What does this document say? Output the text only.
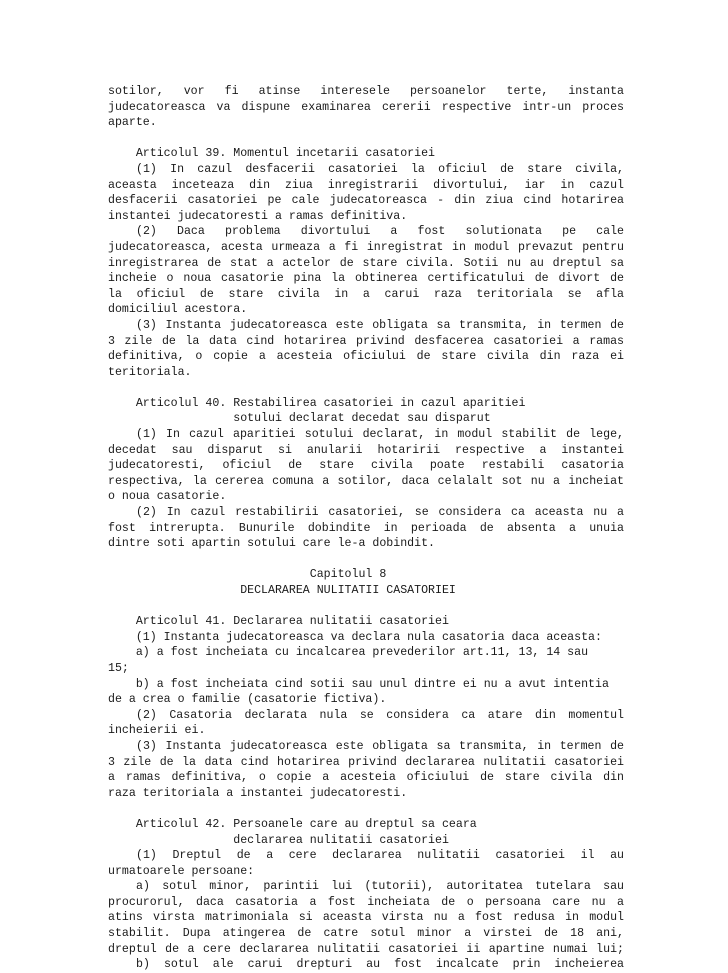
sotilor, vor fi atinse interesele persoanelor terte, instanta
judecatoreasca va dispune examinarea cererii respective intr-un proces
aparte.
Articolul 39. Momentul incetarii casatoriei
(1) In cazul desfacerii casatoriei la oficiul de stare civila,
aceasta inceteaza din ziua inregistrarii divortului, iar in cazul
desfacerii casatoriei pe cale judecatoreasca - din ziua cind hotarirea
instantei judecatoresti a ramas definitiva.
(2) Daca problema divortului a fost solutionata pe cale
judecatoreasca, acesta urmeaza a fi inregistrat in modul prevazut pentru
inregistrarea de stat a actelor de stare civila. Sotii nu au dreptul sa
incheie o noua casatorie pina la obtinerea certificatului de divort de
la oficiul de stare civila in a carui raza teritoriala se afla
domiciliul acestora.
(3) Instanta judecatoreasca este obligata sa transmita, in termen de
3 zile de la data cind hotarirea privind desfacerea casatoriei a ramas
definitiva, o copie a acesteia oficiului de stare civila din raza ei
teritoriala.
Articolul 40. Restabilirea casatoriei in cazul aparitiei
sotului declarat decedat sau disparut
(1) In cazul aparitiei sotului declarat, in modul stabilit de lege,
decedat sau disparut si anularii hotaririi respective a instantei
judecatoresti, oficiul de stare civila poate restabili casatoria
respectiva, la cererea comuna a sotilor, daca celalalt sot nu a incheiat
o noua casatorie.
(2) In cazul restabilirii casatoriei, se considera ca aceasta nu a
fost intrerupta. Bunurile dobindite in perioada de absenta a unuia
dintre soti apartin sotului care le-a dobindit.
Capitolul 8
DECLARAREA NULITATII CASATORIEI
Articolul 41. Declararea nulitatii casatoriei
(1) Instanta judecatoreasca va declara nula casatoria daca aceasta:
a) a fost incheiata cu incalcarea prevederilor art.11, 13, 14 sau
15;
b) a fost incheiata cind sotii sau unul dintre ei nu a avut intentia
de a crea o familie (casatorie fictiva).
(2) Casatoria declarata nula se considera ca atare din momentul
incheierii ei.
(3) Instanta judecatoreasca este obligata sa transmita, in termen de
3 zile de la data cind hotarirea privind declararea nulitatii casatoriei
a ramas definitiva, o copie a acesteia oficiului de stare civila din
raza teritoriala a instantei judecatoresti.
Articolul 42. Persoanele care au dreptul sa ceara
declararea nulitatii casatoriei
(1) Dreptul de a cere declararea nulitatii casatoriei il au
urmatoarele persoane:
a) sotul minor, parintii lui (tutorii), autoritatea tutelara sau
procurorul, daca casatoria a fost incheiata de o persoana care nu a
atins virsta matrimoniala si aceasta virsta nu a fost redusa in modul
stabilit. Dupa atingerea de catre sotul minor a virstei de 18 ani,
dreptul de a cere declararea nulitatii casatoriei ii apartine numai lui;
b) sotul ale carui drepturi au fost incalcate prin incheierea
